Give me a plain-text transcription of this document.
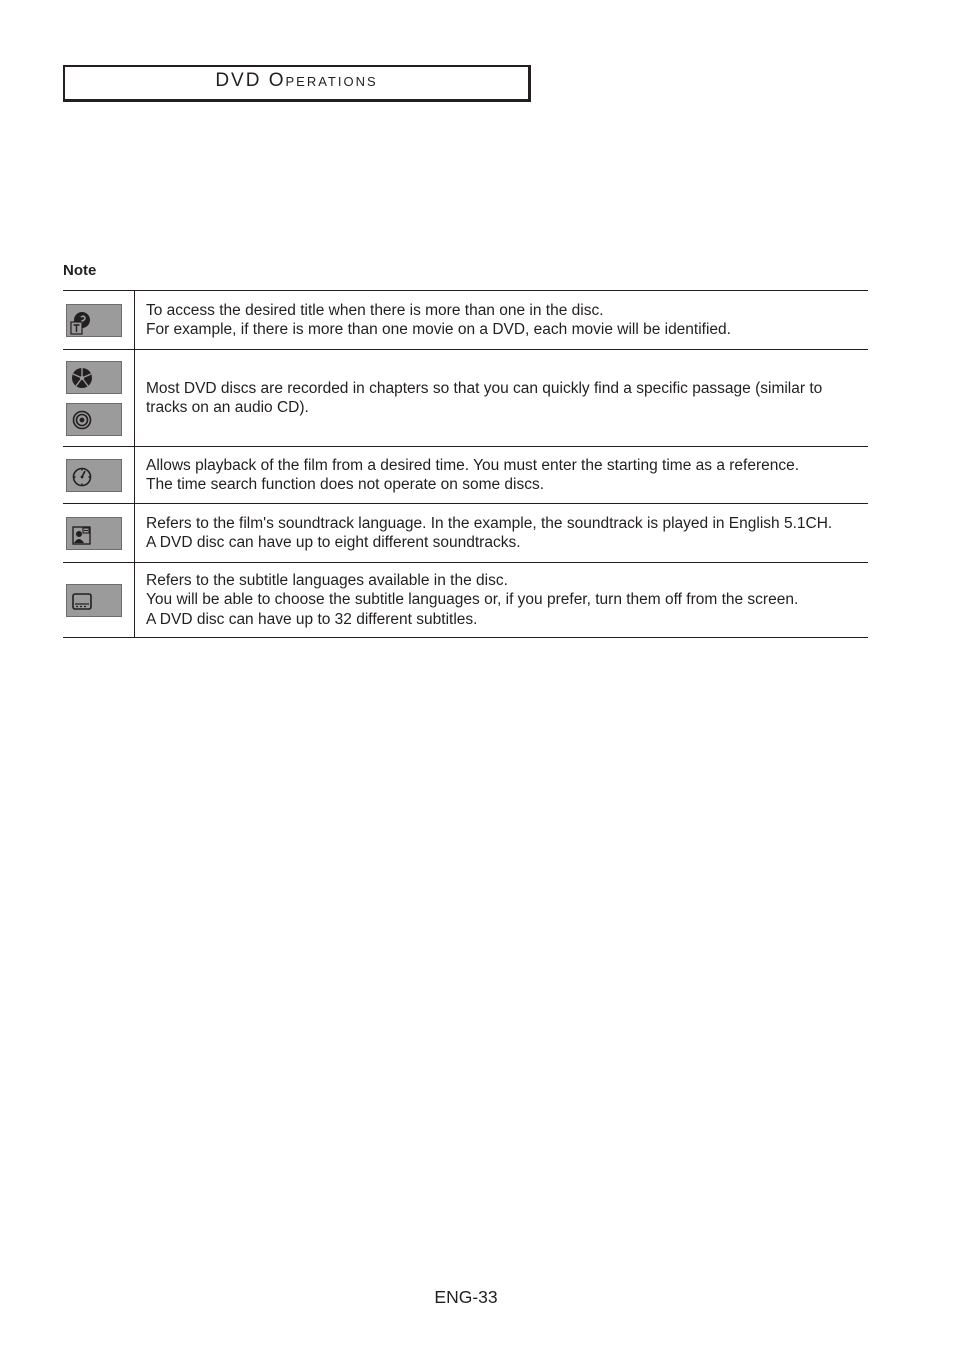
DVD Operations
Note
To access the desired title when there is more than one in the disc.
For example, if there is more than one movie on a DVD, each movie will be identified.
Most DVD discs are recorded in chapters so that you can quickly find a specific passage (similar to tracks on an audio CD).
Allows playback of the film from a desired time. You must enter the starting time as a reference.
The time search function does not operate on some discs.
Refers to the film's soundtrack language. In the example, the soundtrack is played in English 5.1CH.
A DVD disc can have up to eight different soundtracks.
Refers to the subtitle languages available in the disc.
You will be able to choose the subtitle languages or, if you prefer, turn them off from the screen.
A DVD disc can have up to 32 different subtitles.
ENG-33
